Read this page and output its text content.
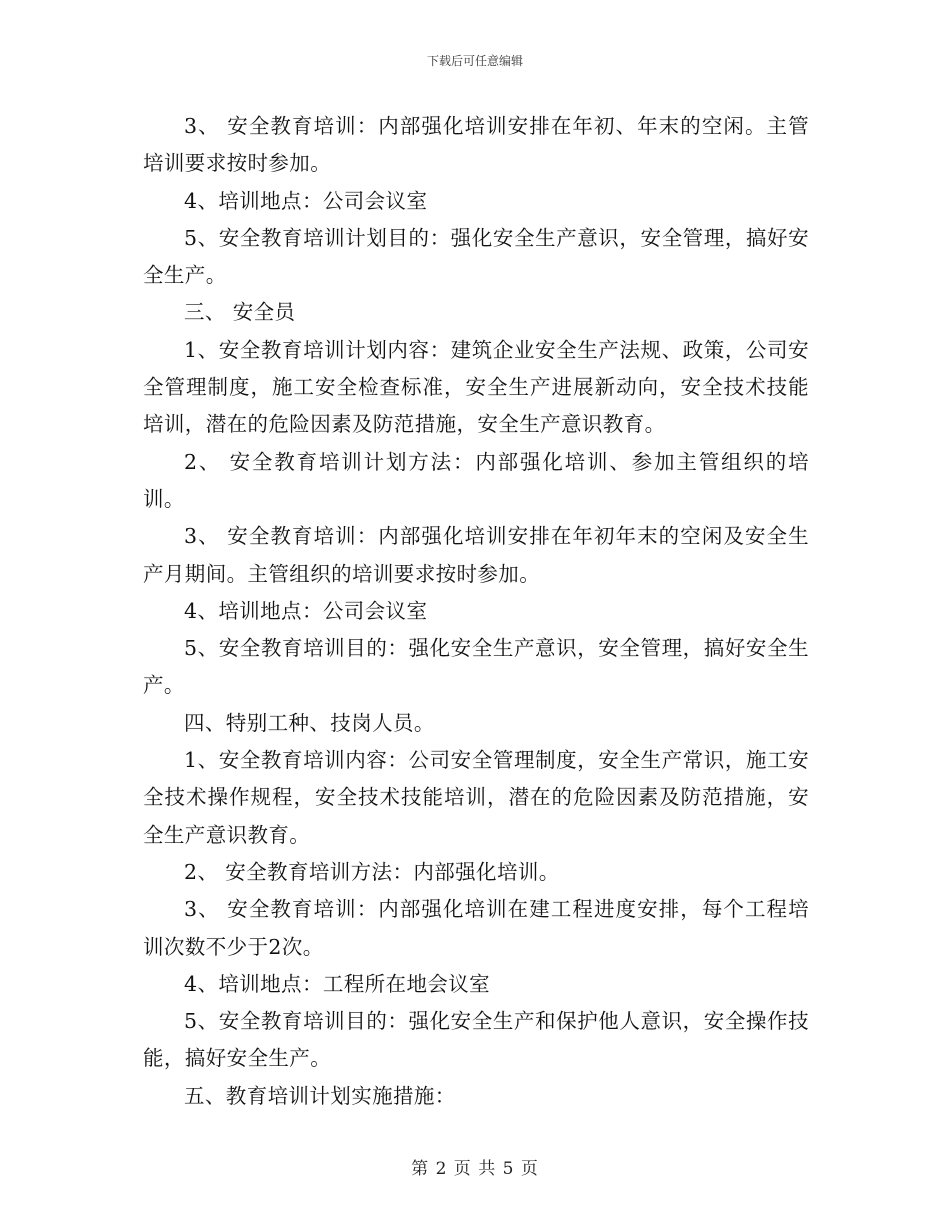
下载后可任意编辑

3、 安全教育培训：内部强化培训安排在年初、年末的空闲。主管培训要求按时参加。

4、培训地点：公司会议室

5、安全教育培训计划目的：强化安全生产意识，安全管理，搞好安全生产。

三、 安全员

1、安全教育培训计划内容：建筑企业安全生产法规、政策，公司安全管理制度，施工安全检查标准，安全生产进展新动向，安全技术技能培训，潜在的危险因素及防范措施，安全生产意识教育。

2、 安全教育培训计划方法：内部强化培训、参加主管组织的培训。

3、 安全教育培训：内部强化培训安排在年初年末的空闲及安全生产月期间。主管组织的培训要求按时参加。

4、培训地点：公司会议室

5、安全教育培训目的：强化安全生产意识，安全管理，搞好安全生产。

四、特别工种、技岗人员。

1、安全教育培训内容：公司安全管理制度，安全生产常识，施工安全技术操作规程，安全技术技能培训，潜在的危险因素及防范措施，安全生产意识教育。

2、 安全教育培训方法：内部强化培训。

3、 安全教育培训：内部强化培训在建工程进度安排，每个工程培训次数不少于2次。

4、培训地点：工程所在地会议室

5、安全教育培训目的：强化安全生产和保护他人意识，安全操作技能，搞好安全生产。

五、教育培训计划实施措施：

第 2 页 共 5 页
